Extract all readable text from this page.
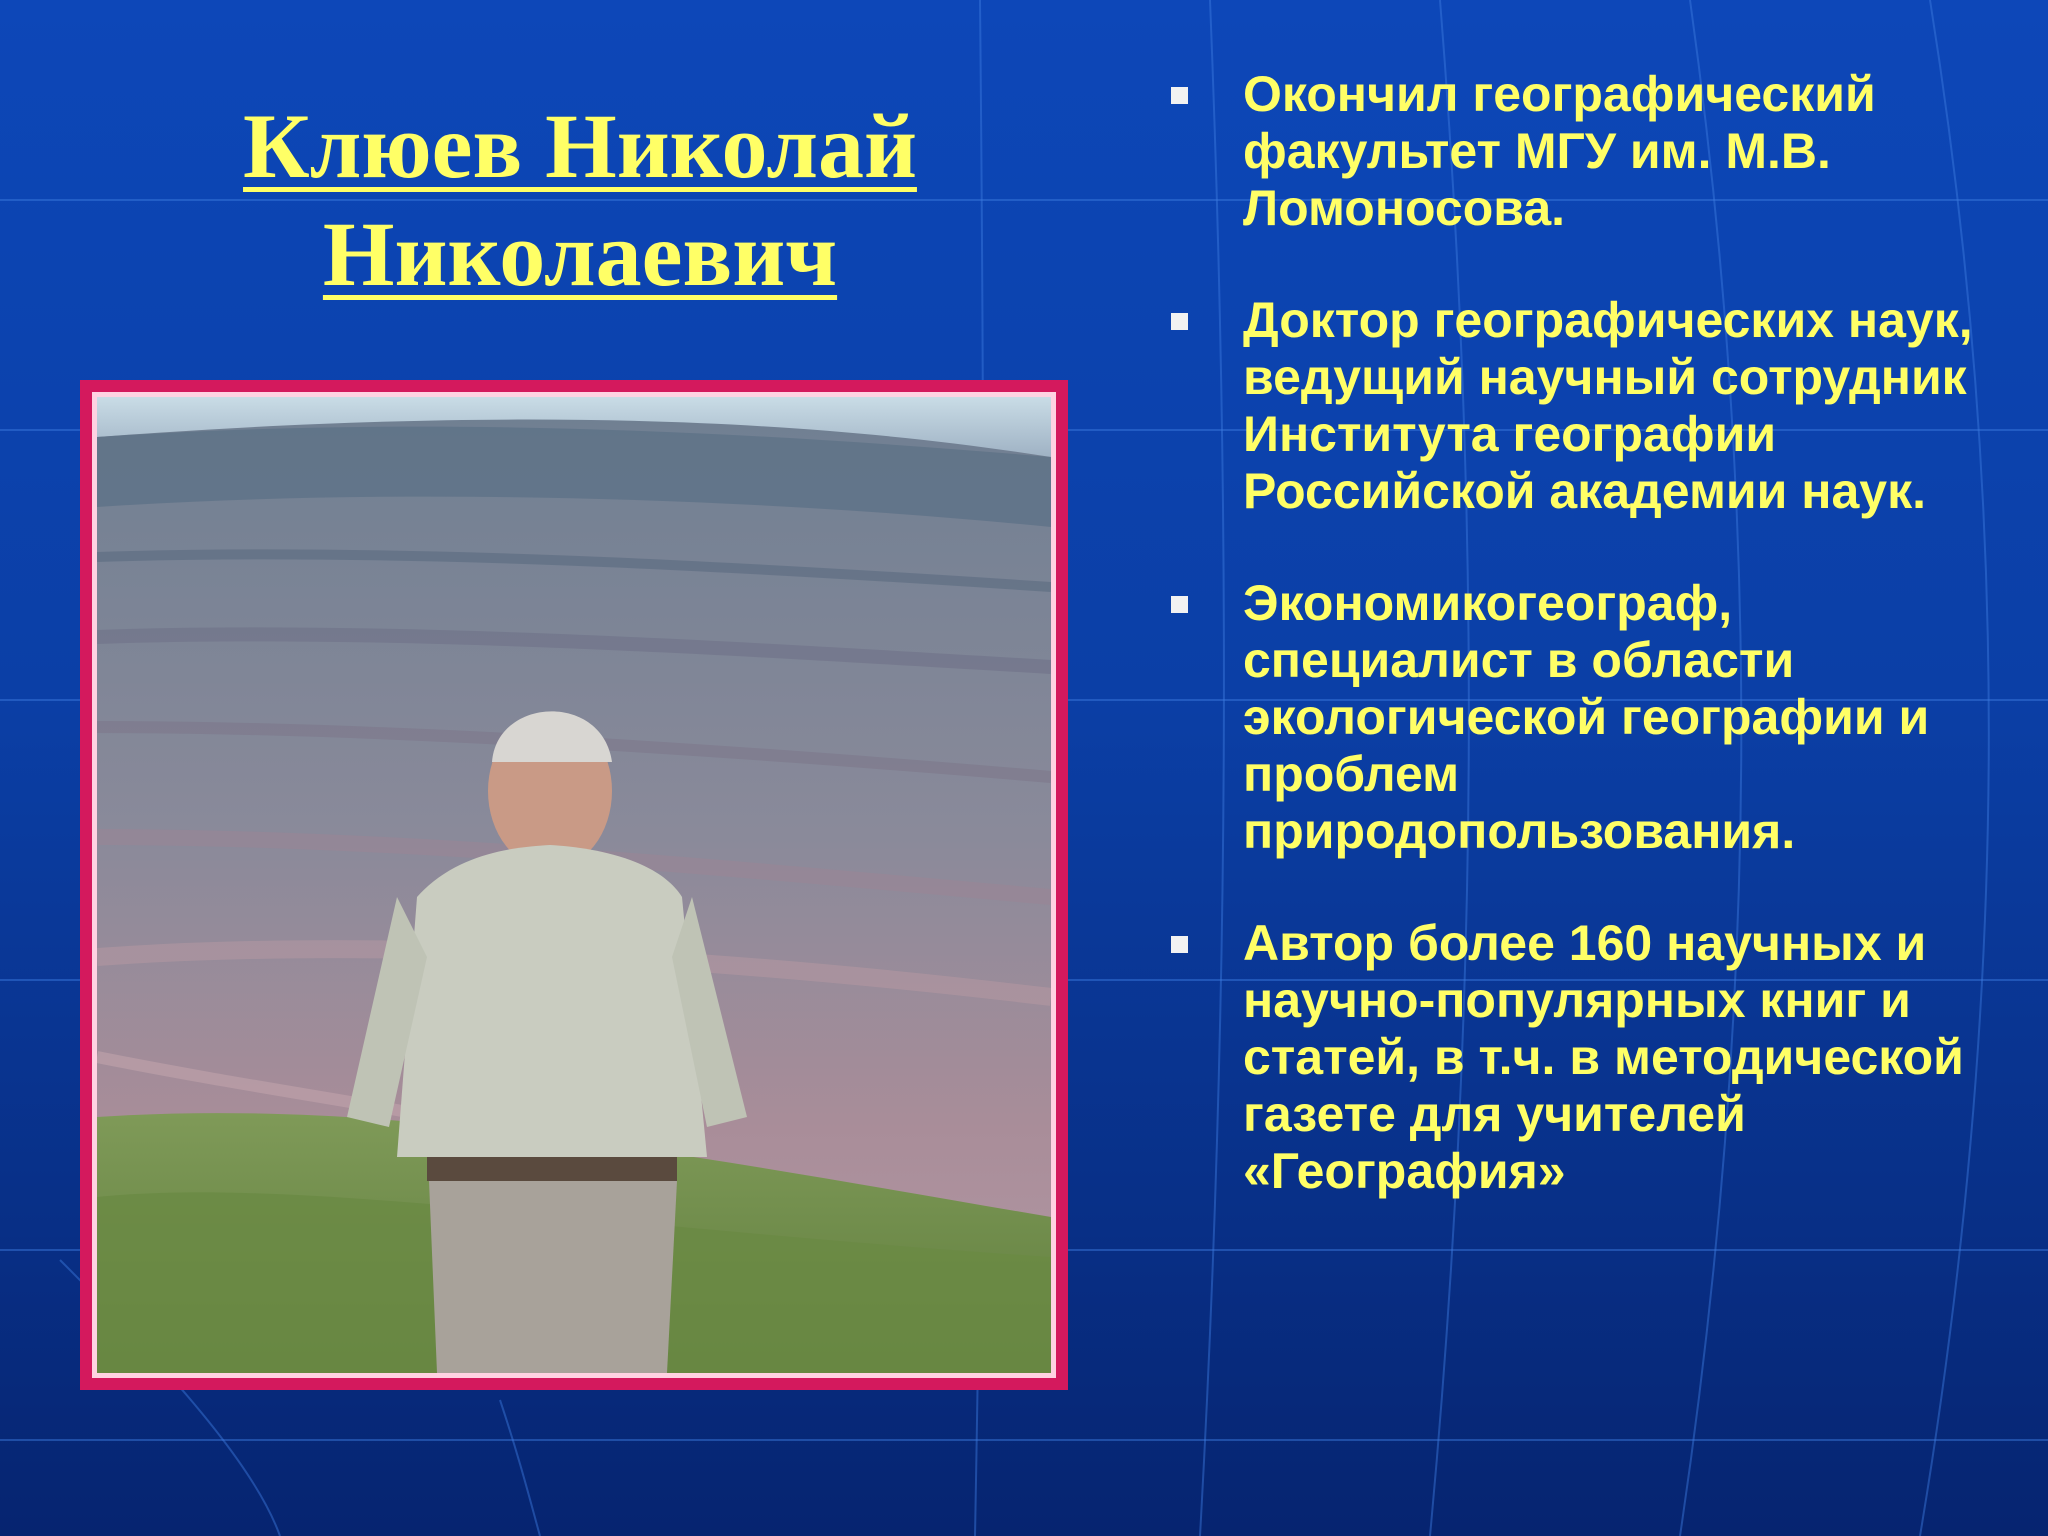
Клюев Николай
Николаевич
Окончил географический факультет МГУ им. М.В. Ломоносова.
Доктор географических наук, ведущий научный сотрудник Института географии Российской академии наук.
Экономикогеограф, специалист в области экологической географии и проблем природопользования.
Автор более 160 научных и научно-популярных книг и статей, в т.ч. в методической газете для учителей «География»
